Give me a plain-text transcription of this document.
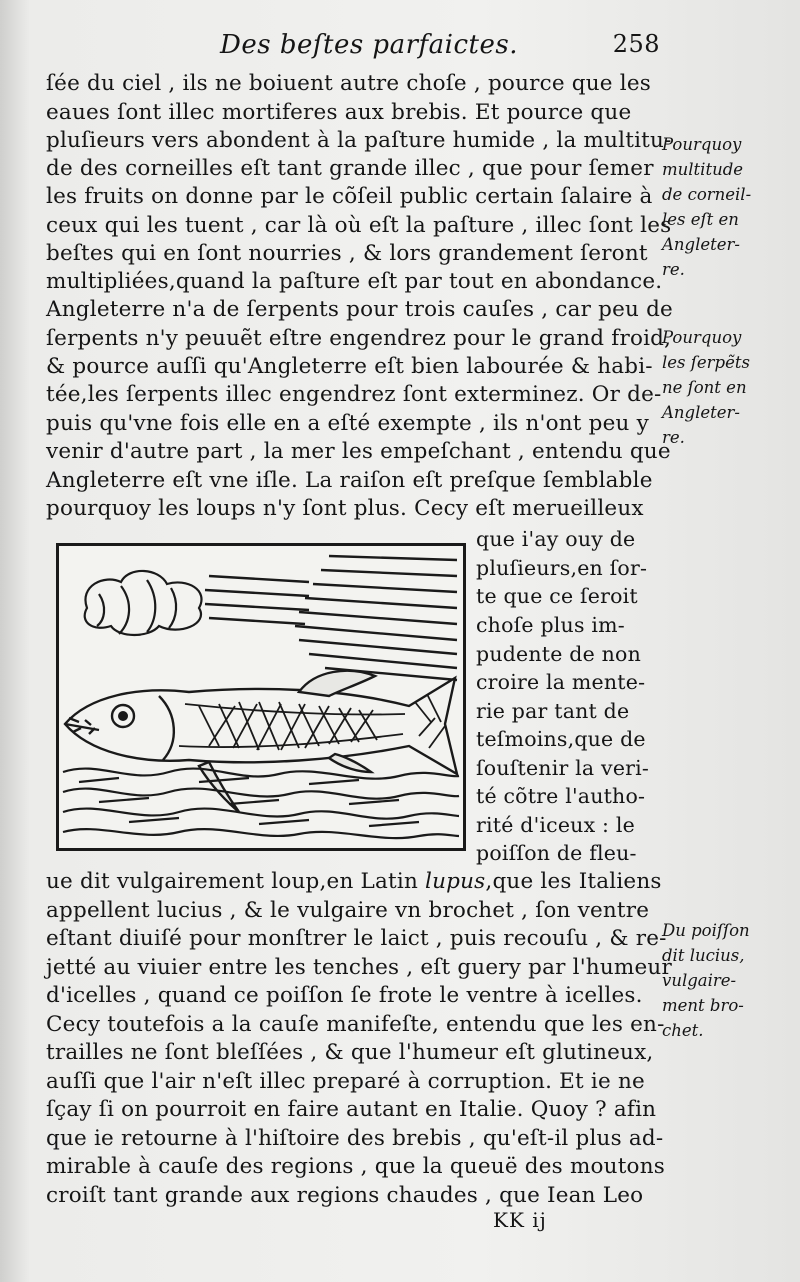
Des beſtes parfaictes.	258
ſée du ciel , ils ne boiuent autre choſe , pource que les
eaues ſont illec mortiferes aux brebis. Et pource que
pluſieurs vers abondent à la paſture humide , la multitu-
de des corneilles eſt tant grande illec , que pour ſemer
les fruits on donne par le cõſeil public certain ſalaire à
ceux qui les tuent , car là où eſt la paſture , illec ſont les
beſtes qui en ſont nourries , & lors grandement ſeront
multipliées,quand la paſture eſt par tout en abondance.
Angleterre n'a de ſerpents pour trois cauſes , car peu de
ſerpents n'y peuuẽt eſtre engendrez pour le grand froid,
& pource auſſi qu'Angleterre eſt bien labourée & habi-
tée,les ſerpents illec engendrez ſont exterminez. Or de-
puis qu'vne fois elle en a eſté exempte , ils n'ont peu y
venir d'autre part , la mer les empeſchant , entendu que
Angleterre eſt vne iſle. La raiſon eſt preſque ſemblable
pourquoy les loups n'y ſont plus. Cecy eſt merueilleux
que i'ay ouy de
pluſieurs,en ſor-
te que ce ſeroit
choſe plus im-
pudente de non
croire la mente-
rie par tant de
teſmoins,que de
ſouſtenir la veri-
té cõtre l'autho-
rité d'iceux : le
poiſſon de fleu-
ue dit vulgairement loup,en Latin lupus,que les Italiens
appellent lucius , & le vulgaire vn brochet , ſon ventre
eſtant diuiſé pour monſtrer le laict , puis recouſu , & re-
jetté au viuier entre les tenches , eſt guery par l'humeur
d'icelles , quand ce poiſſon ſe frote le ventre à icelles.
Cecy toutefois a la cauſe manifeſte, entendu que les en-
trailles ne ſont bleſſées , & que l'humeur eſt glutineux,
auſſi que l'air n'eſt illec preparé à corruption. Et ie ne
ſçay ſi on pourroit en faire autant en Italie. Quoy ? afin
que ie retourne à l'hiſtoire des brebis , qu'eſt-il plus ad-
mirable à cauſe des regions , que la queuë des moutons
croiſt tant grande aux regions chaudes , que Iean Leo
Pourquoy
multitude
de corneil-
les eſt en
Angleter-
re.
Pourquoy
les ſerpẽts
ne ſont en
Angleter-
re.
Du poiſſon
dit lucius,
vulgaire-
ment bro-
chet.
KK ij
